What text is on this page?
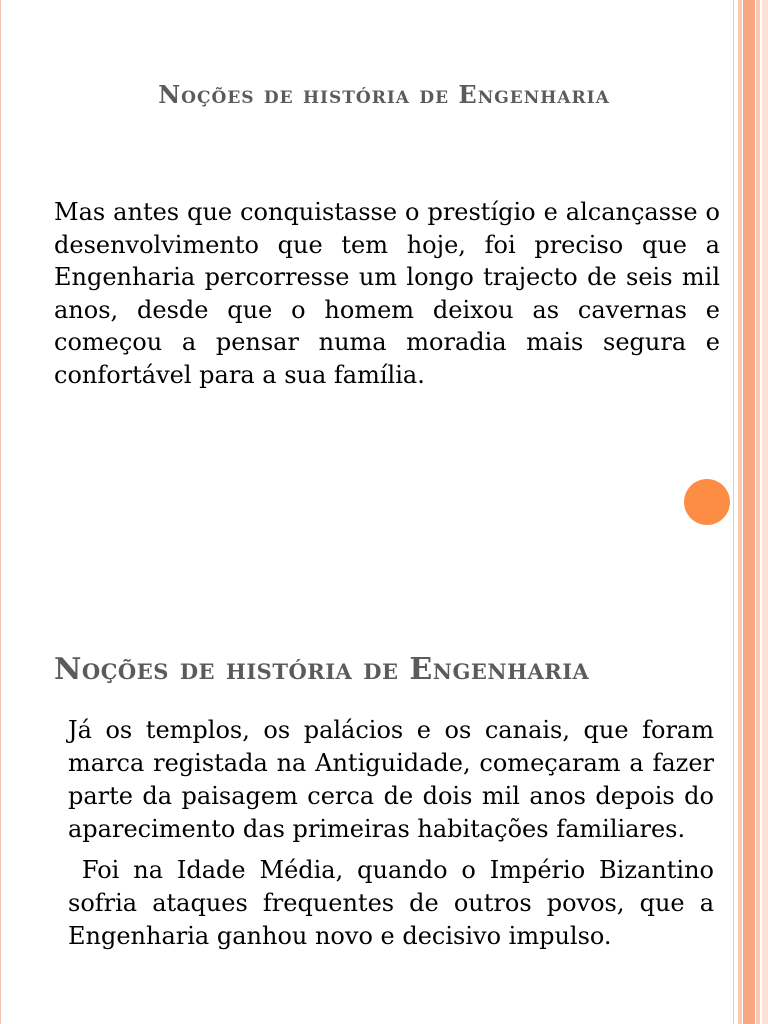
Noções de história de Engenharia

Mas antes que conquistasse o prestígio e alcançasse o desenvolvimento que tem hoje, foi preciso que a Engenharia percorresse um longo trajecto de seis mil anos, desde que o homem deixou as cavernas e começou a pensar numa moradia mais segura e confortável para a sua família.

Noções de história de Engenharia

Já os templos, os palácios e os canais, que foram marca registada na Antiguidade, começaram a fazer parte da paisagem cerca de dois mil anos depois do aparecimento das primeiras habitações familiares.

Foi na Idade Média, quando o Império Bizantino sofria ataques frequentes de outros povos, que a Engenharia ganhou novo e decisivo impulso.
